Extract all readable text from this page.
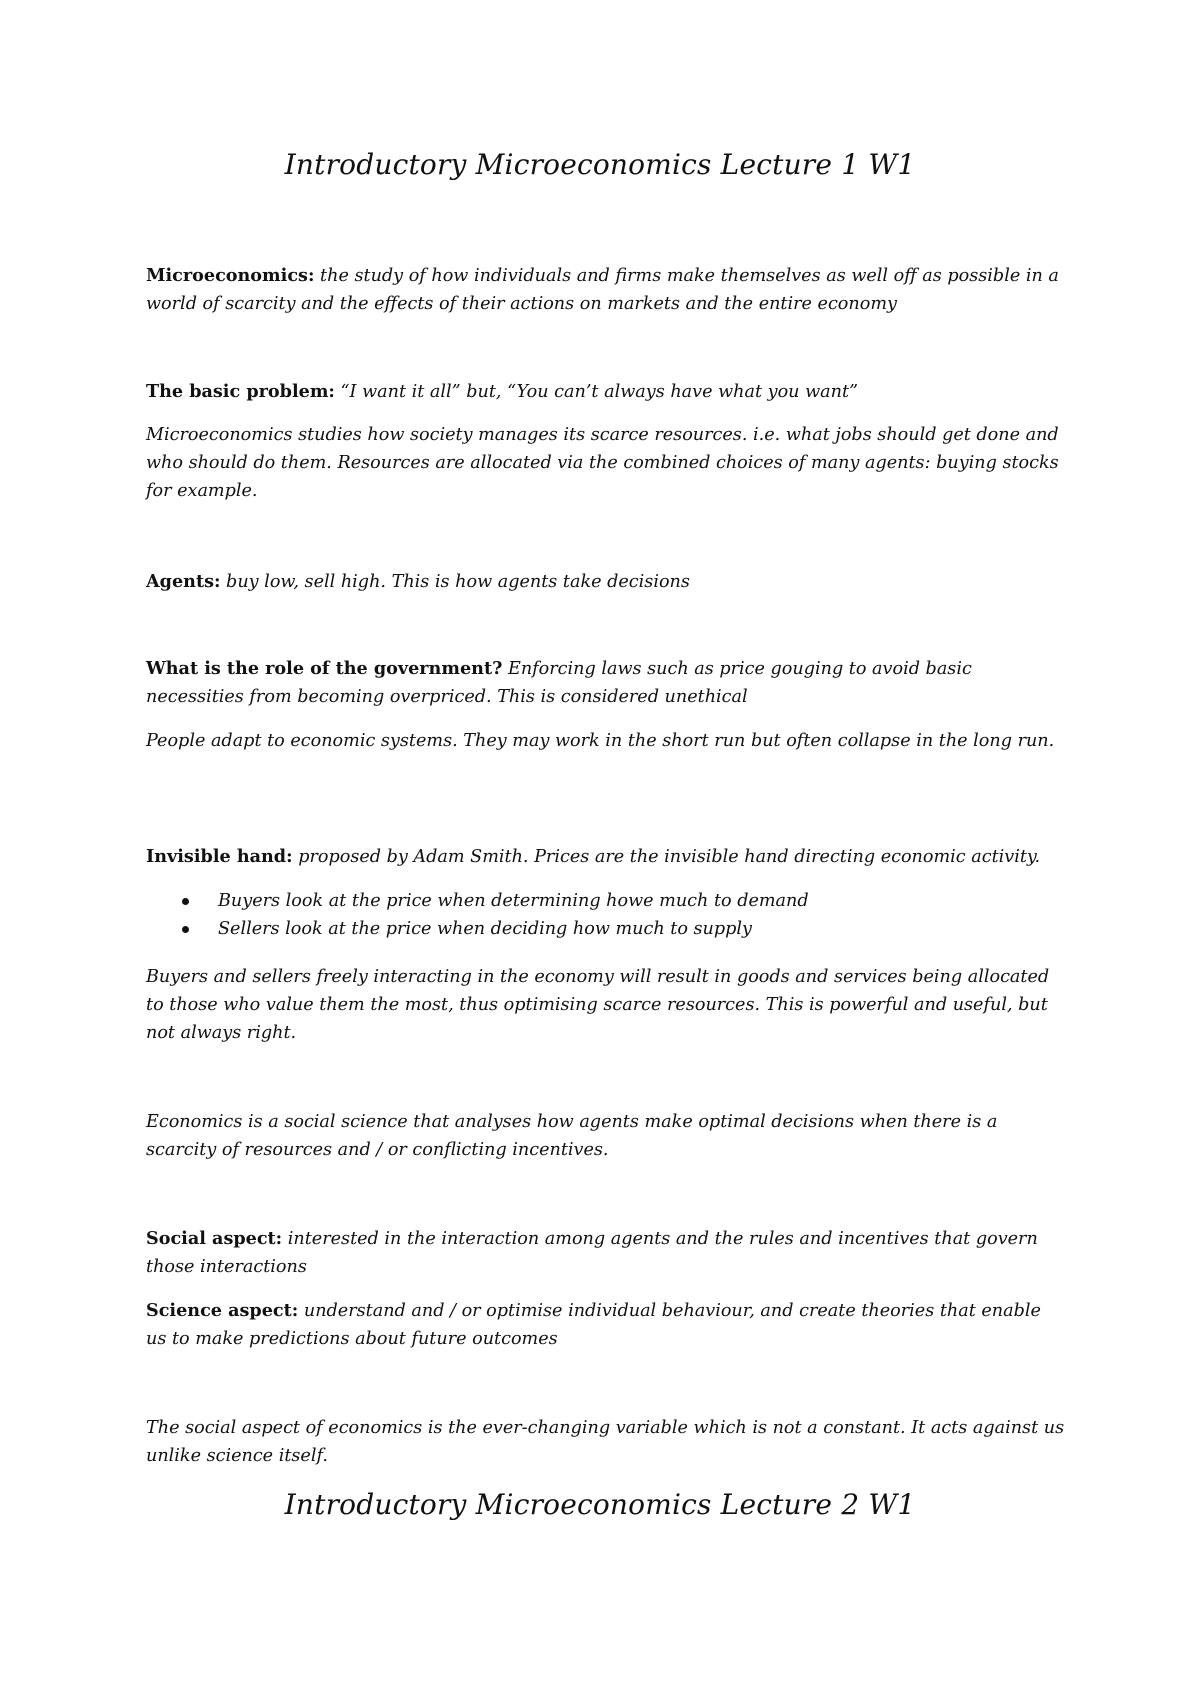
Introductory Microeconomics Lecture 1 W1

Microeconomics: the study of how individuals and firms make themselves as well off as possible in a world of scarcity and the effects of their actions on markets and the entire economy

The basic problem: “I want it all” but, “You can’t always have what you want”

Microeconomics studies how society manages its scarce resources. i.e. what jobs should get done and who should do them. Resources are allocated via the combined choices of many agents: buying stocks for example.

Agents: buy low, sell high. This is how agents take decisions

What is the role of the government? Enforcing laws such as price gouging to avoid basic necessities from becoming overpriced. This is considered unethical

People adapt to economic systems. They may work in the short run but often collapse in the long run.

Invisible hand: proposed by Adam Smith. Prices are the invisible hand directing economic activity.

Buyers look at the price when determining howe much to demand
Sellers look at the price when deciding how much to supply

Buyers and sellers freely interacting in the economy will result in goods and services being allocated to those who value them the most, thus optimising scarce resources. This is powerful and useful, but not always right.

Economics is a social science that analyses how agents make optimal decisions when there is a scarcity of resources and / or conflicting incentives.

Social aspect: interested in the interaction among agents and the rules and incentives that govern those interactions

Science aspect: understand and / or optimise individual behaviour, and create theories that enable us to make predictions about future outcomes

The social aspect of economics is the ever-changing variable which is not a constant. It acts against us unlike science itself.

Introductory Microeconomics Lecture 2 W1
